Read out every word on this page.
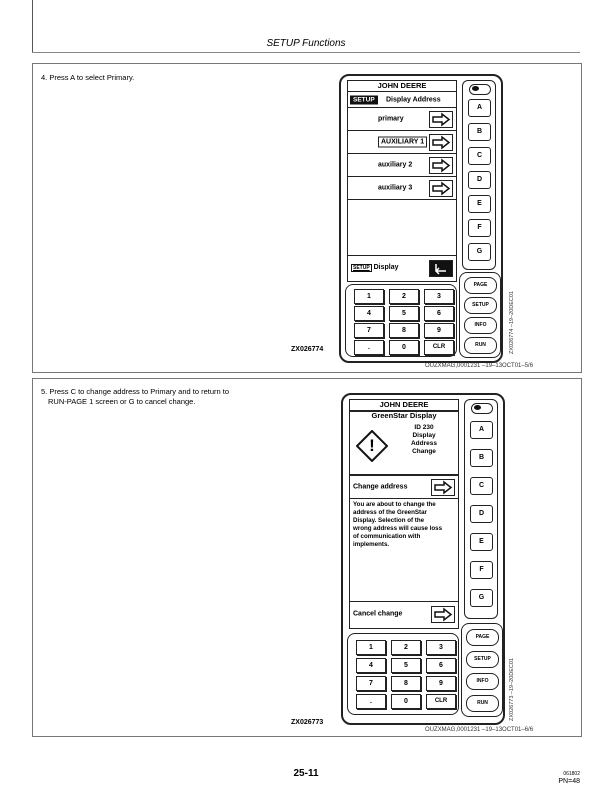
SETUP Functions
4. Press A to select Primary.
JOHN DEERE
SETUP	Display Address
primary
AUXILIARY 1
auxiliary 2
auxiliary 3
SETUP Display
A
B
C
D
E
F
G
1	2	3
4	5	6
7	8	9
.	0	CLR
PAGE
SETUP
INFO
RUN
ZX026774	ZX026774 –19–20DEC01
OUZXMAG,0001231 –19–13OCT01–5/6
5. Press C to change address to Primary and to return to
RUN-PAGE 1 screen or G to cancel change.	JOHN DEERE
GreenStar Display
!
ID 230
Display
Address
Change
Change address
You are about to change the
address of the GreenStar
Display. Selection of the
wrong address will cause loss
of communication with
implements.
Cancel change
A
B
C
D
E
F
G
1	2	3
4	5	6
7	8	9
.	0	CLR
PAGE
SETUP
INFO
RUN
ZX026773
ZX026773 –19–20DEC01
OUZXMAG,0001231 –19–13OCT01–6/6
25-11	061802
PN=48
